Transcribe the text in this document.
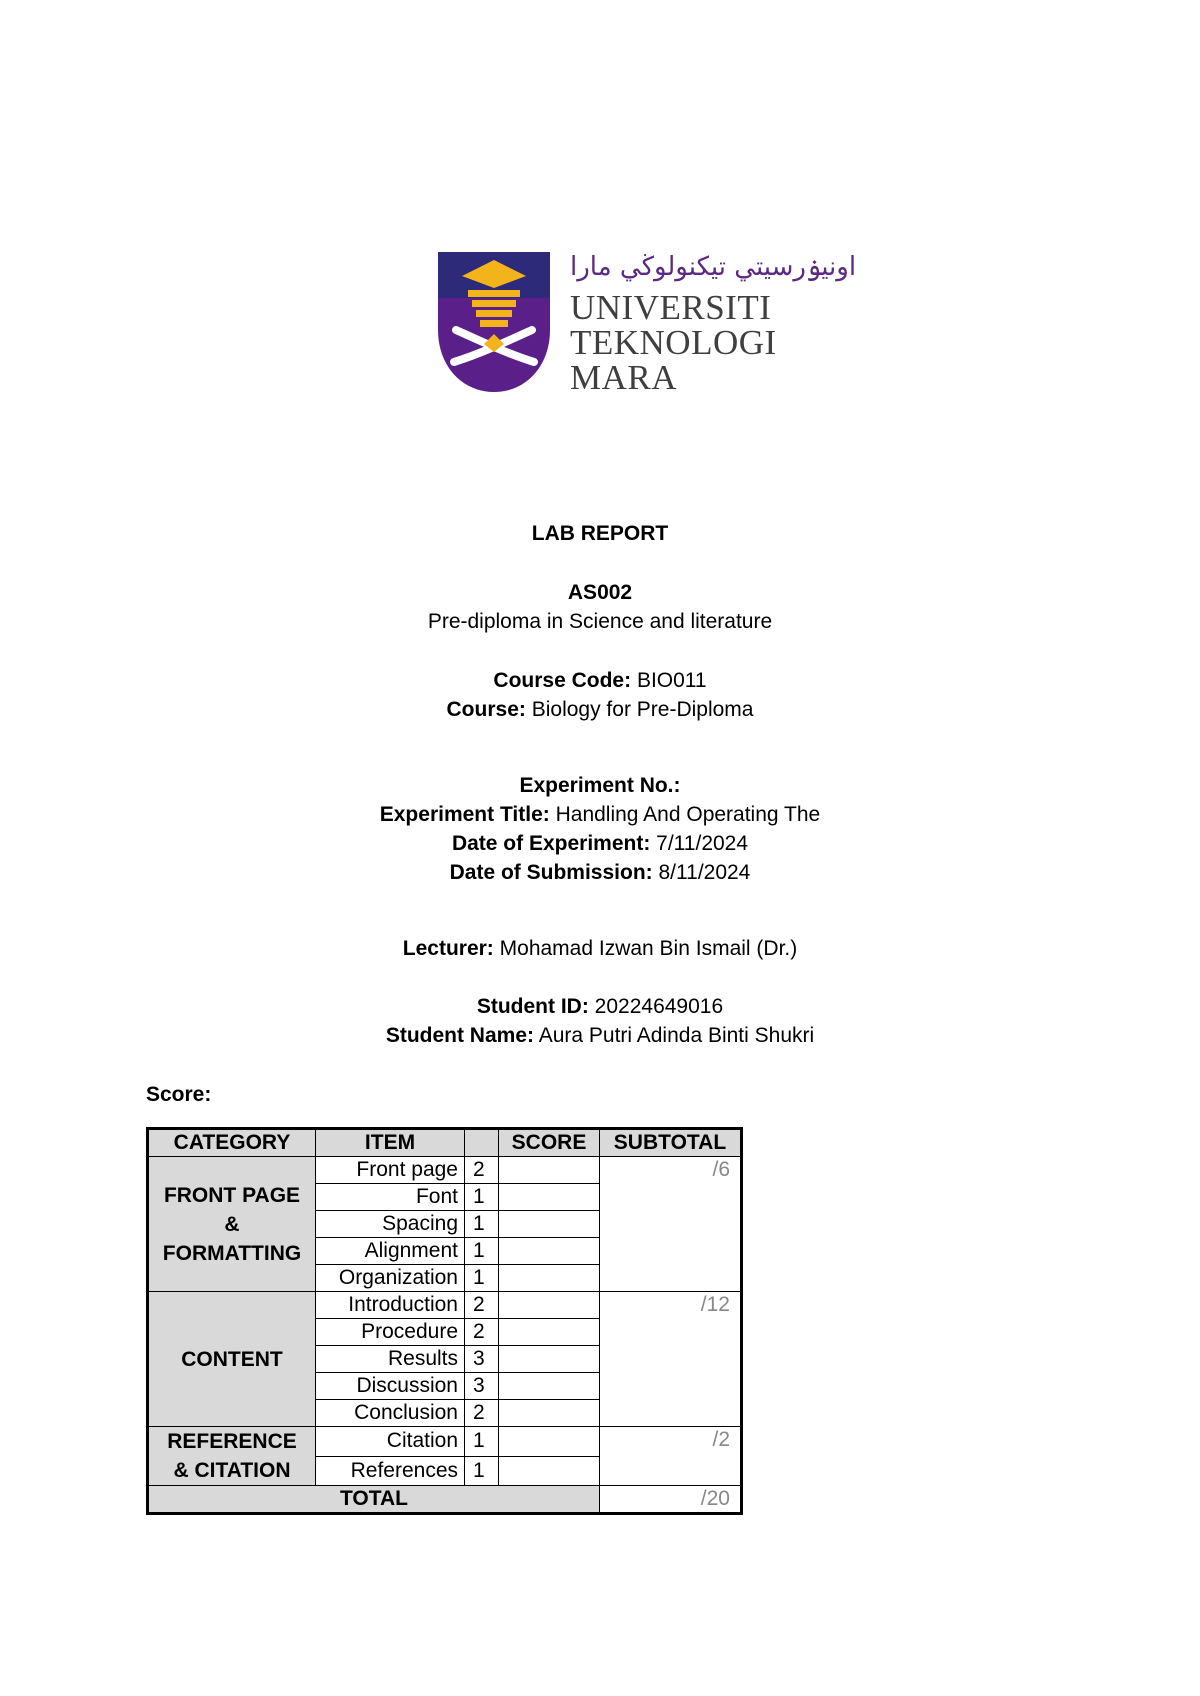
اونيۏرسيتي تيكنولوڬي مارا
UNIVERSITI
TEKNOLOGI
MARA
LAB REPORT
AS002
Pre-diploma in Science and literature
Course Code: BIO011
Course: Biology for Pre-Diploma
Experiment No.:
Experiment Title: Handling And Operating The
Date of Experiment: 7/11/2024
Date of Submission: 8/11/2024
Lecturer: Mohamad Izwan Bin Ismail (Dr.)
Student ID: 20224649016
Student Name: Aura Putri Adinda Binti Shukri
Score:
CATEGORY	ITEM		SCORE	SUBTOTAL

FRONT PAGE
&
FORMATTING	Front page	2		/6
	Font	1		
	Spacing	1		
	Alignment	1		
	Organization	1		

CONTENT	Introduction	2		/12
	Procedure	2		
	Results	3		
	Discussion	3		
	Conclusion	2		

REFERENCE
& CITATION	Citation	1		/2
	References	1		
TOTAL				/20
